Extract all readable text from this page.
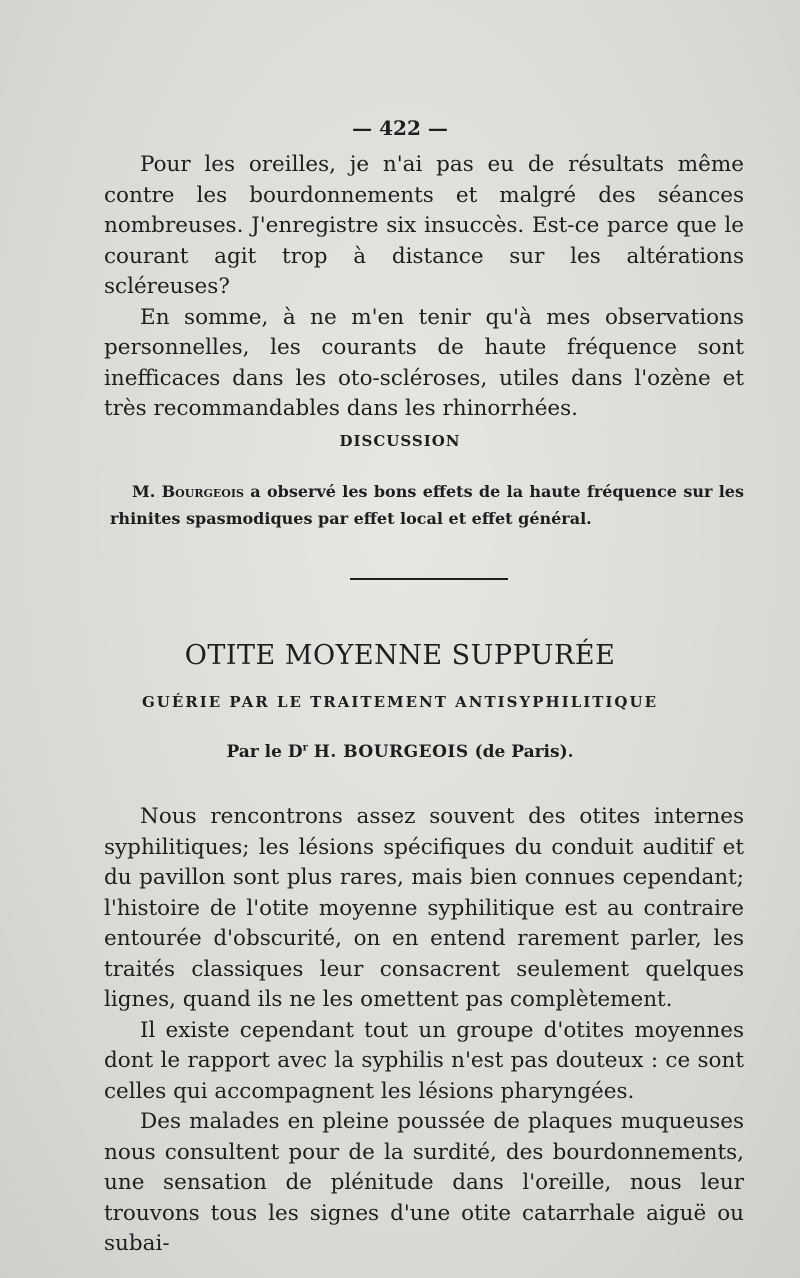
— 422 —

Pour les oreilles, je n'ai pas eu de résultats même contre les bourdonnements et malgré des séances nombreuses. J'enregistre six insuccès. Est-ce parce que le courant agit trop à distance sur les altérations scléreuses?

En somme, à ne m'en tenir qu'à mes observations personnelles, les courants de haute fréquence sont inefficaces dans les oto-scléroses, utiles dans l'ozène et très recommandables dans les rhinorrhées.

DISCUSSION

M. Bourgeois a observé les bons effets de la haute fréquence sur les rhinites spasmodiques par effet local et effet général.

OTITE MOYENNE SUPPURÉE
GUÉRIE PAR LE TRAITEMENT ANTISYPHILITIQUE
Par le $D^r$ H. BOURGEOIS (de Paris).

Nous rencontrons assez souvent des otites internes syphilitiques; les lésions spécifiques du conduit auditif et du pavillon sont plus rares, mais bien connues cependant; l'histoire de l'otite moyenne syphilitique est au contraire entourée d'obscurité, on en entend rarement parler, les traités classiques leur consacrent seulement quelques lignes, quand ils ne les omettent pas complètement.

Il existe cependant tout un groupe d'otites moyennes dont le rapport avec la syphilis n'est pas douteux : ce sont celles qui accompagnent les lésions pharyngées.

Des malades en pleine poussée de plaques muqueuses nous consultent pour de la surdité, des bourdonnements, une sensation de plénitude dans l'oreille, nous leur trouvons tous les signes d'une otite catarrhale aiguë ou subai-
